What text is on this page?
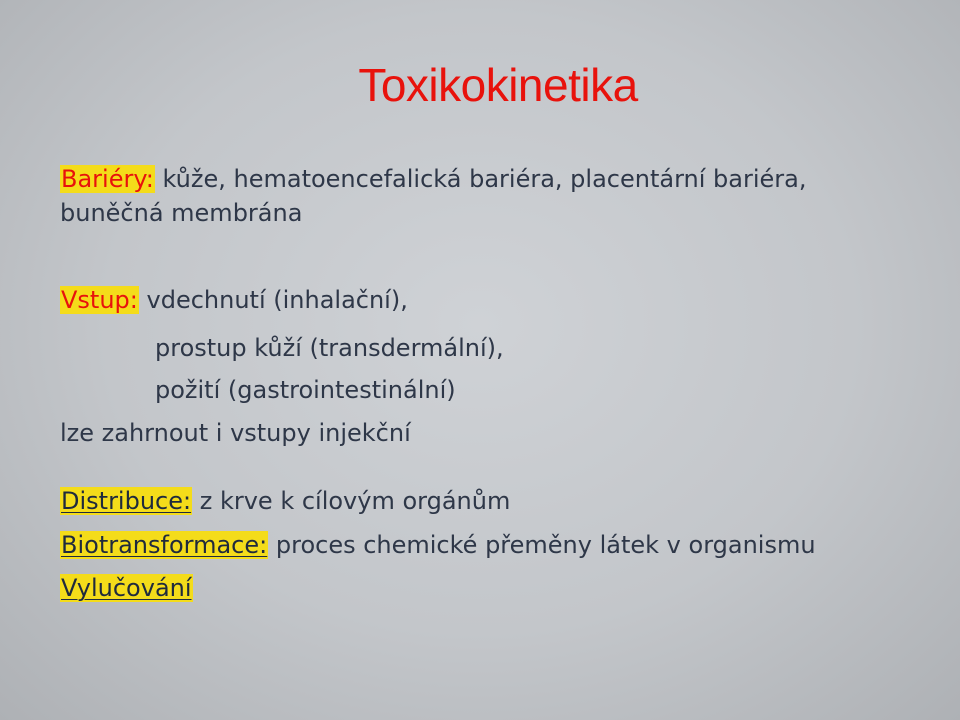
Toxikokinetika

Bariéry: kůže, hematoencefalická bariéra, placentární bariéra,

buněčná membrána

Vstup: vdechnutí (inhalační),

prostup kůží (transdermální),

požití (gastrointestinální)

lze zahrnout i vstupy injekční

Distribuce: z krve k cílovým orgánům

Biotransformace: proces chemické přeměny látek v organismu

Vylučování
